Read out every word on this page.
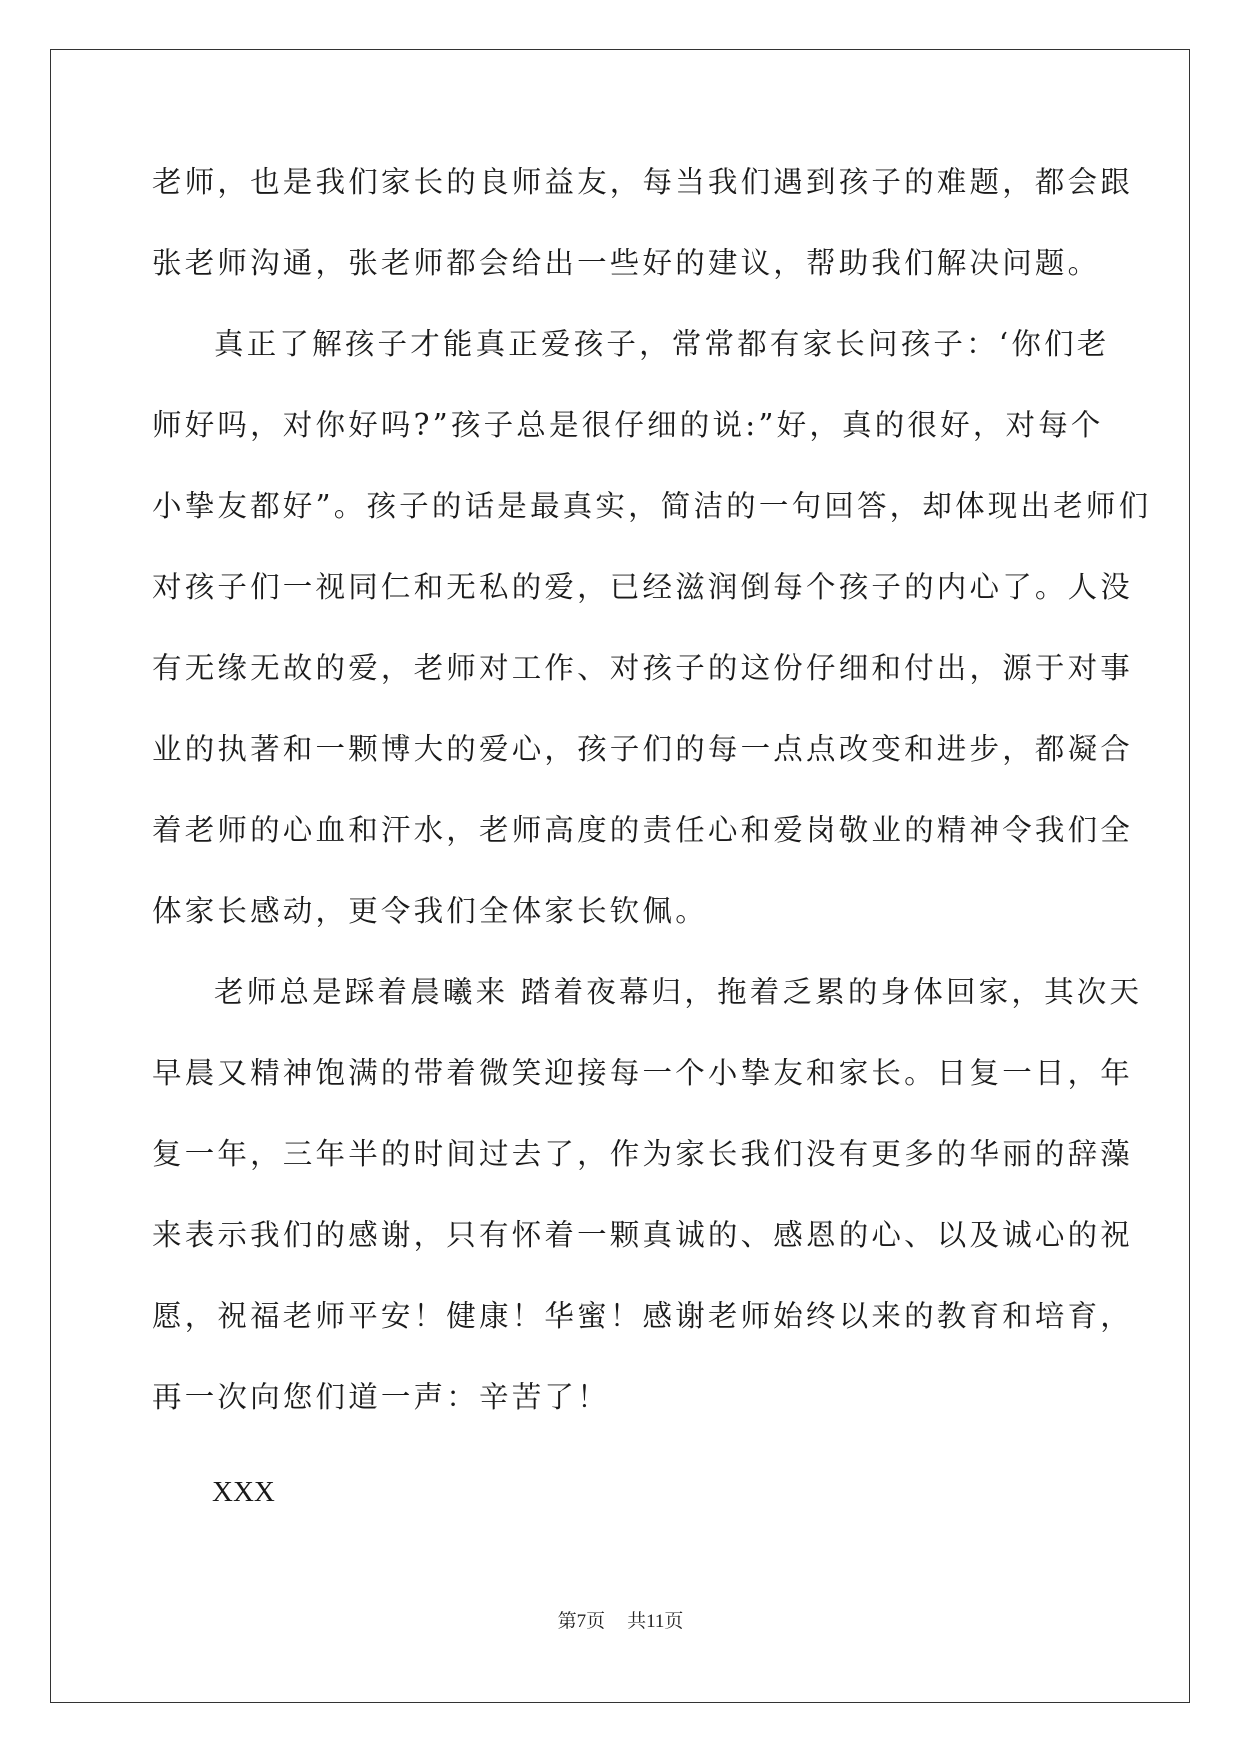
老师，也是我们家长的良师益友，每当我们遇到孩子的难题，都会跟
张老师沟通，张老师都会给出一些好的建议，帮助我们解决问题。
真正了解孩子才能真正爱孩子，常常都有家长问孩子：‘你们老
师好吗，对你好吗?”孩子总是很仔细的说:”好，真的很好，对每个
小挚友都好”。孩子的话是最真实，简洁的一句回答，却体现出老师们
对孩子们一视同仁和无私的爱，已经滋润倒每个孩子的内心了。人没
有无缘无故的爱，老师对工作、对孩子的这份仔细和付出，源于对事
业的执著和一颗博大的爱心，孩子们的每一点点改变和进步，都凝合
着老师的心血和汗水，老师高度的责任心和爱岗敬业的精神令我们全
体家长感动，更令我们全体家长钦佩。
老师总是踩着晨曦来 踏着夜幕归，拖着乏累的身体回家，其次天
早晨又精神饱满的带着微笑迎接每一个小挚友和家长。日复一日，年
复一年，三年半的时间过去了，作为家长我们没有更多的华丽的辞藻
来表示我们的感谢，只有怀着一颗真诚的、感恩的心、以及诚心的祝
愿，祝福老师平安！健康！华蜜！感谢老师始终以来的教育和培育，
再一次向您们道一声：辛苦了！
XXX
第7页 共11页
